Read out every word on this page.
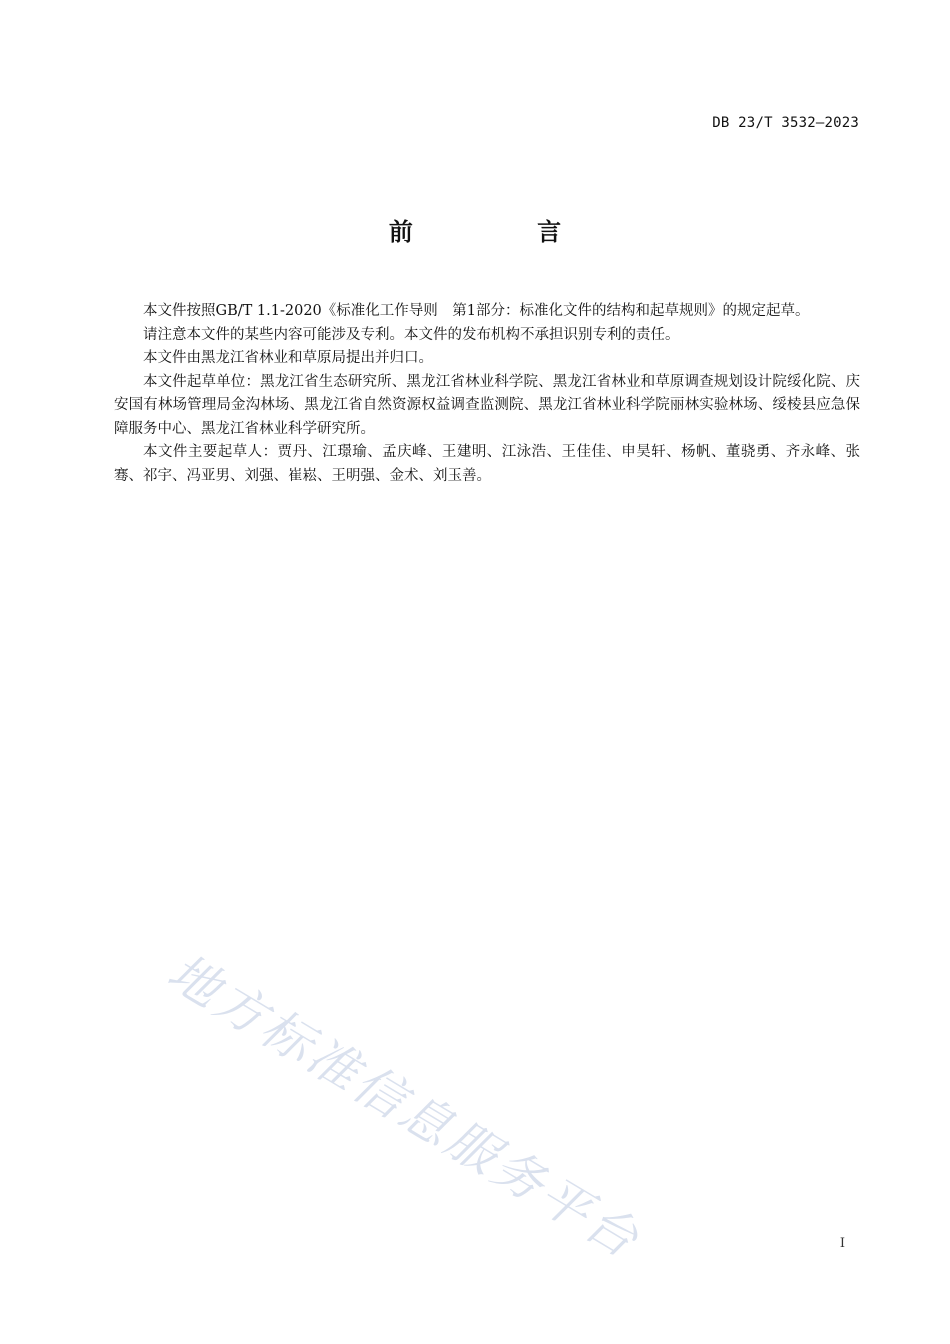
DB 23/T 3532—2023
前 言

本文件按照GB/T 1.1-2020《标准化工作导则　第1部分：标准化文件的结构和起草规则》的规定起草。

请注意本文件的某些内容可能涉及专利。本文件的发布机构不承担识别专利的责任。

本文件由黑龙江省林业和草原局提出并归口。

本文件起草单位：黑龙江省生态研究所、黑龙江省林业科学院、黑龙江省林业和草原调查规划设计院绥化院、庆安国有林场管理局金沟林场、黑龙江省自然资源权益调查监测院、黑龙江省林业科学院丽林实验林场、绥棱县应急保障服务中心、黑龙江省林业科学研究所。

本文件主要起草人：贾丹、江璟瑜、孟庆峰、王建明、江泳浩、王佳佳、申昊轩、杨帆、董骁勇、齐永峰、张骞、祁宇、冯亚男、刘强、崔崧、王明强、金术、刘玉善。

地方标准信息服务平台	I
